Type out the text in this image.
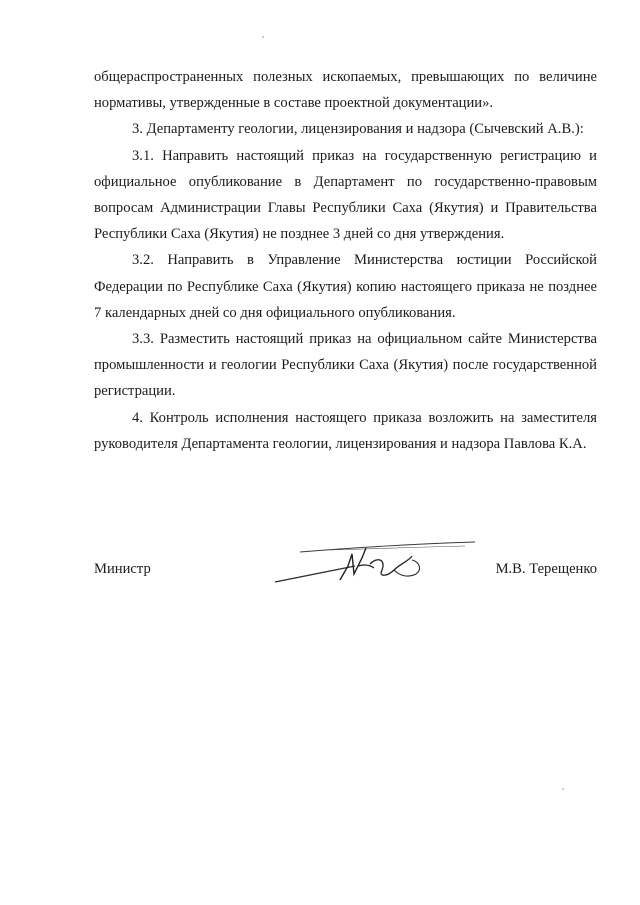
общераспространенных полезных ископаемых, превышающих по величине нормативы, утвержденные в составе проектной документации».

3. Департаменту геологии, лицензирования и надзора (Сычевский А.В.):

3.1. Направить настоящий приказ на государственную регистрацию и официальное опубликование в Департамент по государственно-правовым вопросам Администрации Главы Республики Саха (Якутия) и Правительства Республики Саха (Якутия) не позднее 3 дней со дня утверждения.

3.2. Направить в Управление Министерства юстиции Российской Федерации по Республике Саха (Якутия) копию настоящего приказа не позднее 7 календарных дней со дня официального опубликования.

3.3. Разместить настоящий приказ на официальном сайте Министерства промышленности и геологии Республики Саха (Якутия) после государственной регистрации.

4. Контроль исполнения настоящего приказа возложить на заместителя руководителя Департамента геологии, лицензирования и надзора Павлова К.А.

Министр	М.В. Терещенко
